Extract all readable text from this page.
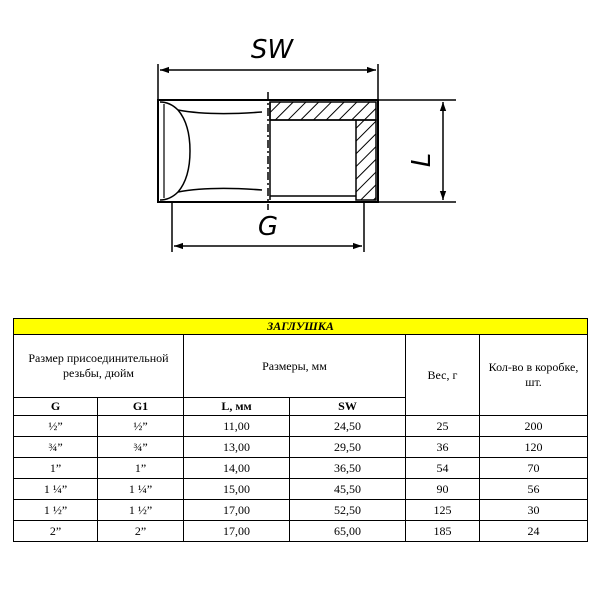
SW
L
G
ЗАГЛУШКА					
Размер присоединительной резьбы, дюйм		Размеры, мм		Вес, г	Кол-во в коробке, шт.
G	G1	L, мм	SW		
½”	½”	11,00	24,50	25	200
¾”	¾”	13,00	29,50	36	120
1”	1”	14,00	36,50	54	70
1 ¼”	1 ¼”	15,00	45,50	90	56
1 ½”	1 ½”	17,00	52,50	125	30
2”	2”	17,00	65,00	185	24
